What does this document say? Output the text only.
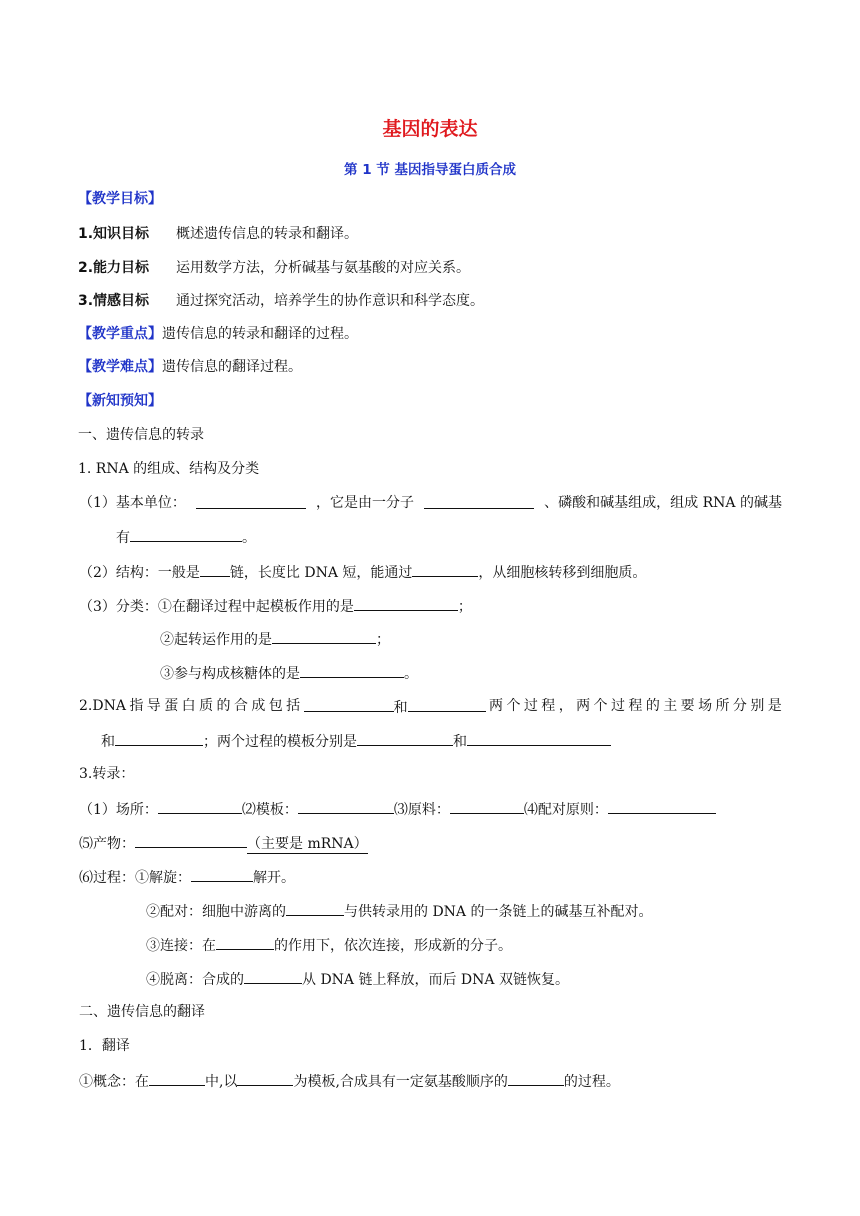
基因的表达
第 1 节 基因指导蛋白质合成
【教学目标】
1.知识目标 概述遗传信息的转录和翻译。
2.能力目标 运用数学方法，分析碱基与氨基酸的对应关系。
3.情感目标 通过探究活动，培养学生的协作意识和科学态度。
【教学重点】遗传信息的转录和翻译的过程。
【教学难点】遗传信息的翻译过程。
【新知预知】
一、遗传信息的转录
1. RNA 的组成、结构及分类
（1）基本单位：	，它是由一分子	、磷酸和碱基组成，组成 RNA 的碱基
有	。
（2）结构：一般是 链，长度比 DNA 短，能通过	，从细胞核转移到细胞质。
（3）分类：①在翻译过程中起模板作用的是	；
②起转运作用的是	；
③参与构成核糖体的是	。
2.DNA 指 导 蛋 白 质 的 合 成 包 括	和	两 个 过 程 ， 两 个 过 程 的 主 要 场 所 分 别 是
和	；两个过程的模板分别是	和
3.转录：
（1）场所：	⑵模板：	⑶原料：	⑷配对原则：
⑸产物：	（主要是 mRNA）
⑹过程：①解旋：	解开。
②配对：细胞中游离的	与供转录用的 DNA 的一条链上的碱基互补配对。
③连接：在	的作用下，依次连接，形成新的分子。
④脱离：合成的	从 DNA 链上释放，而后 DNA 双链恢复。
二、遗传信息的翻译
1．翻译
①概念：在	中,以	为模板,合成具有一定氨基酸顺序的	的过程。
